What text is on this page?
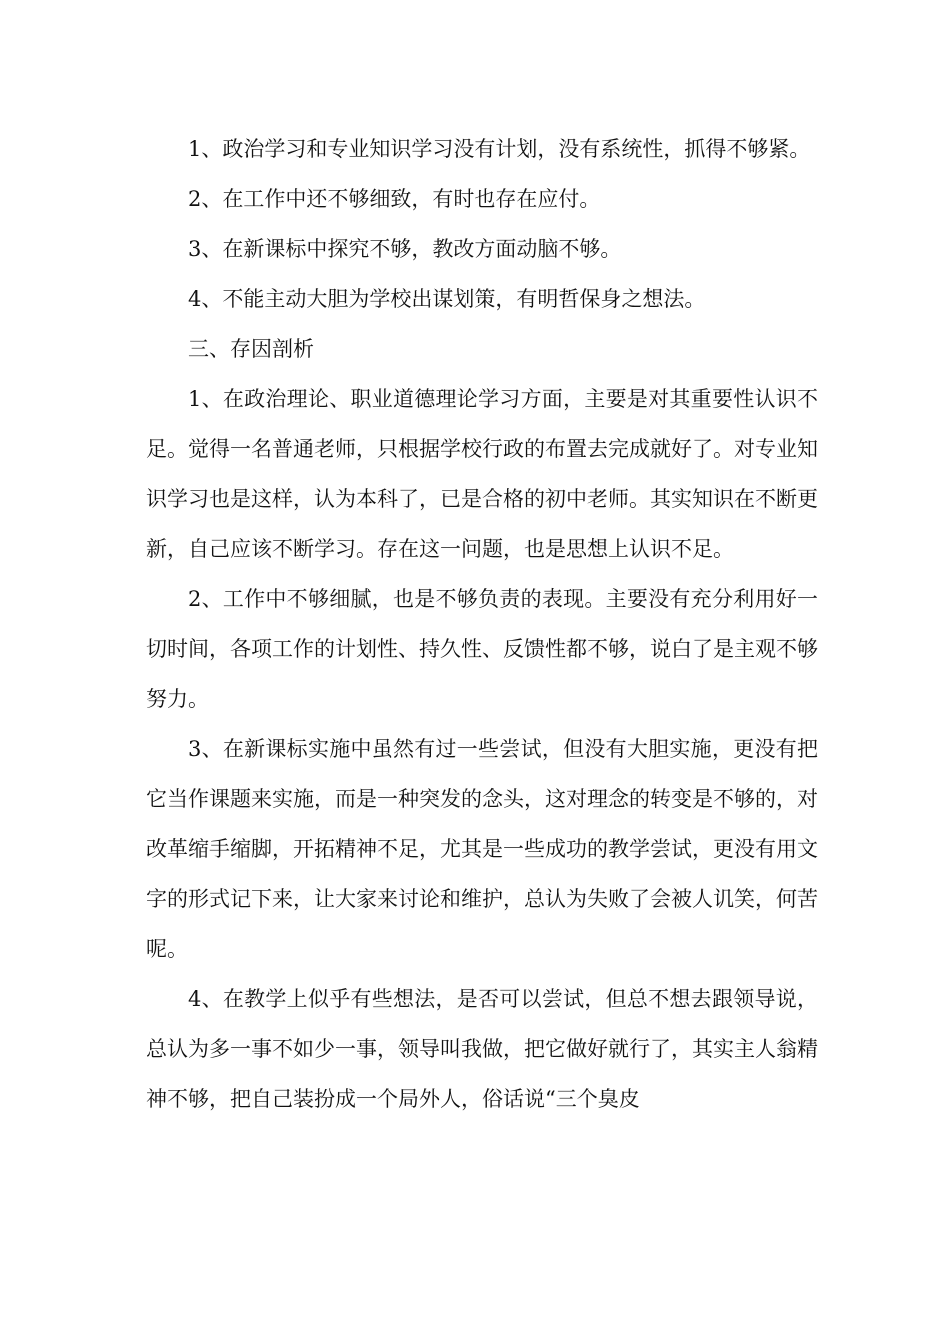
1、政治学习和专业知识学习没有计划，没有系统性，抓得不够紧。

2、在工作中还不够细致，有时也存在应付。

3、在新课标中探究不够，教改方面动脑不够。

4、不能主动大胆为学校出谋划策，有明哲保身之想法。

三、存因剖析

1、在政治理论、职业道德理论学习方面，主要是对其重要性认识不足。觉得一名普通老师，只根据学校行政的布置去完成就好了。对专业知识学习也是这样，认为本科了，已是合格的初中老师。其实知识在不断更新，自己应该不断学习。存在这一问题，也是思想上认识不足。

2、工作中不够细腻，也是不够负责的表现。主要没有充分利用好一切时间，各项工作的计划性、持久性、反馈性都不够，说白了是主观不够努力。

3、在新课标实施中虽然有过一些尝试，但没有大胆实施，更没有把它当作课题来实施，而是一种突发的念头，这对理念的转变是不够的，对改革缩手缩脚，开拓精神不足，尤其是一些成功的教学尝试，更没有用文字的形式记下来，让大家来讨论和维护，总认为失败了会被人讥笑，何苦呢。

4、在教学上似乎有些想法，是否可以尝试，但总不想去跟领导说，总认为多一事不如少一事，领导叫我做，把它做好就行了，其实主人翁精神不够，把自己装扮成一个局外人，俗话说“三个臭皮
